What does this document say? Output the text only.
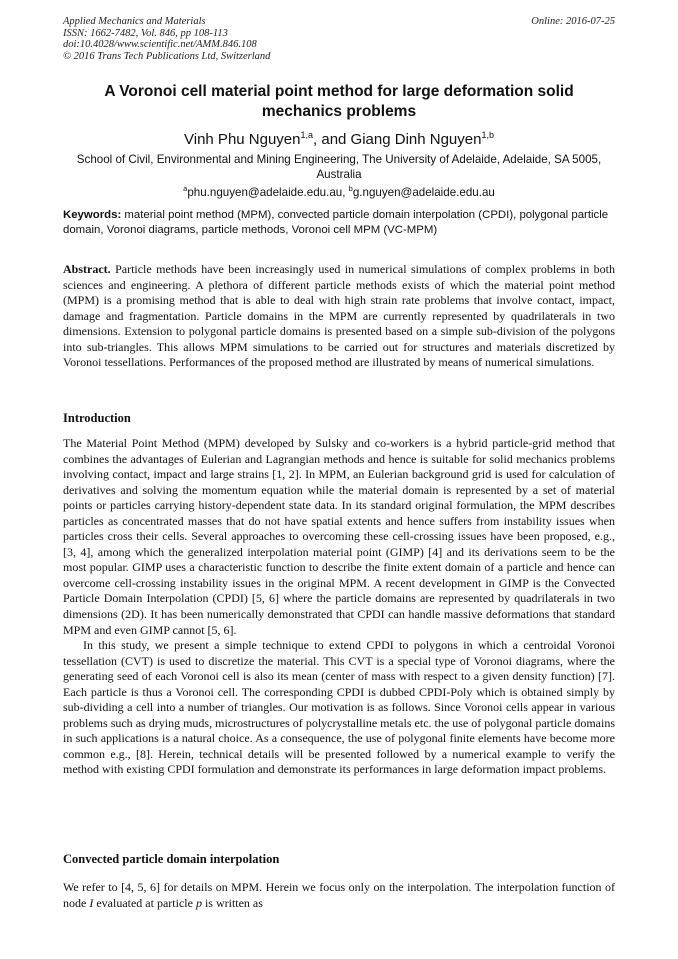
Applied Mechanics and Materials
ISSN: 1662-7482, Vol. 846, pp 108-113
doi:10.4028/www.scientific.net/AMM.846.108
© 2016 Trans Tech Publications Ltd, Switzerland
Online: 2016-07-25
A Voronoi cell material point method for large deformation solid mechanics problems
Vinh Phu Nguyen$^{1,a}$, and Giang Dinh Nguyen$^{1,b}$
School of Civil, Environmental and Mining Engineering, The University of Adelaide, Adelaide, SA 5005, Australia
$^a$phu.nguyen@adelaide.edu.au, $^b$g.nguyen@adelaide.edu.au
Keywords: material point method (MPM), convected particle domain interpolation (CPDI), polygonal particle domain, Voronoi diagrams, particle methods, Voronoi cell MPM (VC-MPM)
Abstract. Particle methods have been increasingly used in numerical simulations of complex problems in both sciences and engineering. A plethora of different particle methods exists of which the material point method (MPM) is a promising method that is able to deal with high strain rate problems that involve contact, impact, damage and fragmentation. Particle domains in the MPM are currently represented by quadrilaterals in two dimensions. Extension to polygonal particle domains is presented based on a simple sub-division of the polygons into sub-triangles. This allows MPM simulations to be carried out for structures and materials discretized by Voronoi tessellations. Performances of the proposed method are illustrated by means of numerical simulations.
Introduction

The Material Point Method (MPM) developed by Sulsky and co-workers is a hybrid particle-grid method that combines the advantages of Eulerian and Lagrangian methods and hence is suitable for solid mechanics problems involving contact, impact and large strains [1, 2]. In MPM, an Eulerian background grid is used for calculation of derivatives and solving the momentum equation while the material domain is represented by a set of material points or particles carrying history-dependent state data. In its standard original formulation, the MPM describes particles as concentrated masses that do not have spatial extents and hence suffers from instability issues when particles cross their cells. Several approaches to overcoming these cell-crossing issues have been proposed, e.g., [3, 4], among which the generalized interpolation material point (GIMP) [4] and its derivations seem to be the most popular. GIMP uses a characteristic function to describe the finite extent domain of a particle and hence can overcome cell-crossing instability issues in the original MPM. A recent development in GIMP is the Convected Particle Domain Interpolation (CPDI) [5, 6] where the particle domains are represented by quadrilaterals in two dimensions (2D). It has been numerically demonstrated that CPDI can handle massive deformations that standard MPM and even GIMP cannot [5, 6].

In this study, we present a simple technique to extend CPDI to polygons in which a centroidal Voronoi tessellation (CVT) is used to discretize the material. This CVT is a special type of Voronoi diagrams, where the generating seed of each Voronoi cell is also its mean (center of mass with respect to a given density function) [7]. Each particle is thus a Voronoi cell. The corresponding CPDI is dubbed CPDI-Poly which is obtained simply by sub-dividing a cell into a number of triangles. Our motivation is as follows. Since Voronoi cells appear in various problems such as drying muds, microstructures of polycrystalline metals etc. the use of polygonal particle domains in such applications is a natural choice. As a consequence, the use of polygonal finite elements have become more common e.g., [8]. Herein, technical details will be presented followed by a numerical example to verify the method with existing CPDI formulation and demonstrate its performances in large deformation impact problems.

Convected particle domain interpolation
We refer to [4, 5, 6] for details on MPM. Herein we focus only on the interpolation. The interpolation function of node I evaluated at particle p is written as
